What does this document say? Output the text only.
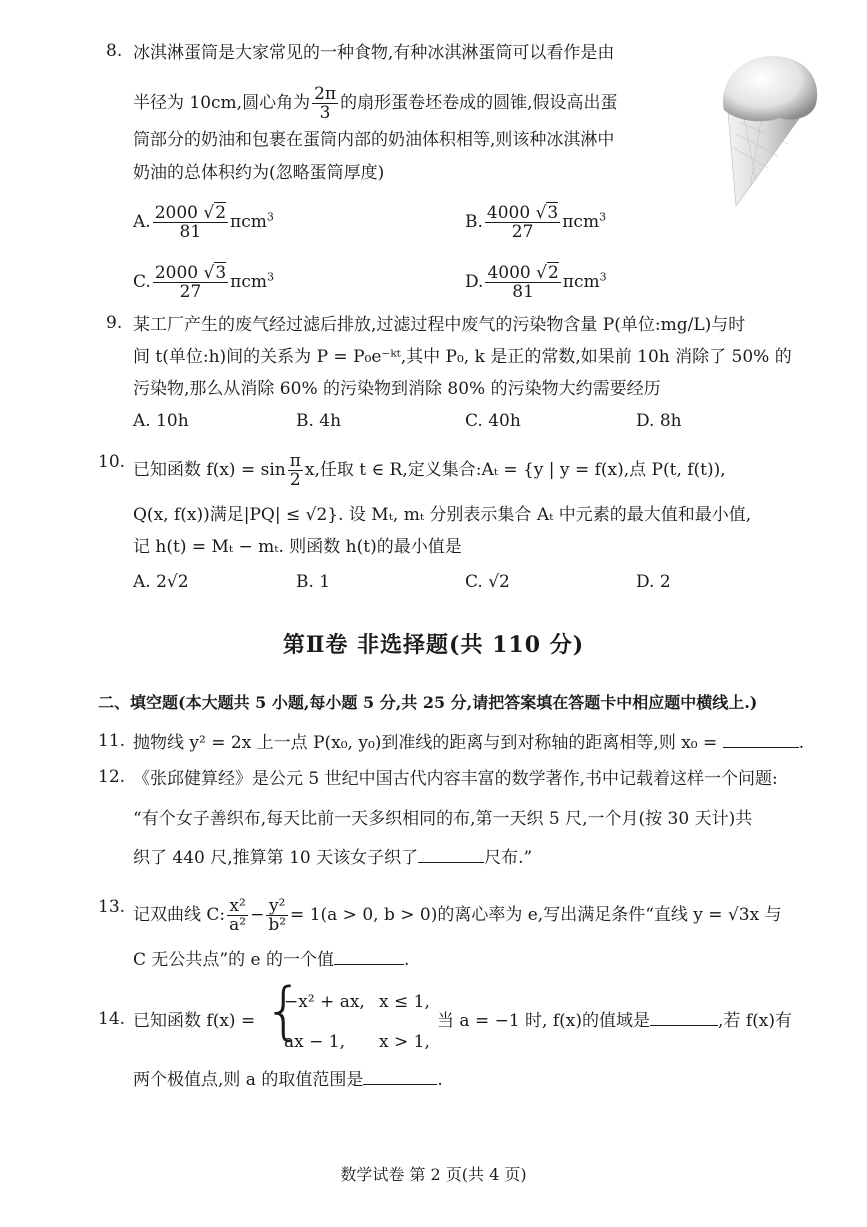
8. 冰淇淋蛋筒是大家常见的一种食物,有种冰淇淋蛋筒可以看作是由
半径为 10cm,圆心角为 $\frac{2\pi}{3}$ 的扇形蛋卷坯卷成的圆锥,假设高出蛋
筒部分的奶油和包裹在蛋筒内部的奶油体积相等,则该种冰淇淋中
奶油的总体积约为(忽略蛋筒厚度)
A. $\frac{2000 √2}{81} \pi cm^3$	B. $\frac{4000 √3}{27} \pi cm^3$
C. $\frac{2000 √3}{27} \pi cm^3$	D. $\frac{4000 √2}{81} \pi cm^3$
9. 某工厂产生的废气经过滤后排放,过滤过程中废气的污染物含量 P(单位:mg/L)与时
间 t(单位:h)间的关系为 P = P₀e⁻ᵏᵗ,其中 P₀, k 是正的常数,如果前 10h 消除了 50% 的
污染物,那么从消除 60% 的污染物到消除 80% 的污染物大约需要经历
A. 10h	B. 4h	C. 40h	D. 8h
10. 已知函数 $f(x) = \sin \frac{\pi}{2} x$,任取 t ∈ R,定义集合:Aₜ = {y | y = f(x),点 P(t, f(t)),
Q(x, f(x))满足|PQ| ≤ √2}. 设 Mₜ, mₜ 分别表示集合 Aₜ 中元素的最大值和最小值,
记 h(t) = Mₜ − mₜ. 则函数 h(t)的最小值是
A. 2√2	B. 1	C. √2	D. 2
第Ⅱ卷 非选择题(共 110 分)
二、填空题(本大题共 5 小题,每小题 5 分,共 25 分,请把答案填在答题卡中相应题中横线上.)
11. 抛物线 y² = 2x 上一点 P(x₀, y₀)到准线的距离与到对称轴的距离相等,则 x₀ =	.
12. 《张邱健算经》是公元 5 世纪中国古代内容丰富的数学著作,书中记载着这样一个问题:
“有个女子善织布,每天比前一天多织相同的布,第一天织 5 尺,一个月(按 30 天计)共
织了 440 尺,推算第 10 天该女子织了	尺布.”
13. 记双曲线 C: $\frac{\text{x²}}{\text{a²}} - \frac{\text{y²}}{\text{b²}} = 1(a > 0$, b > 0)的离心率为 e,写出满足条件“直线 y = √3x 与
C 无公共点”的 e 的一个值	.
14. 已知函数 f(x) = {
−x² + ax, x ≤ 1,
ax − 1, x > 1,
当 a = −1 时, f(x)的值域是	,若 f(x)有
两个极值点,则 a 的取值范围是	.
数学试卷 第 2 页(共 4 页)
